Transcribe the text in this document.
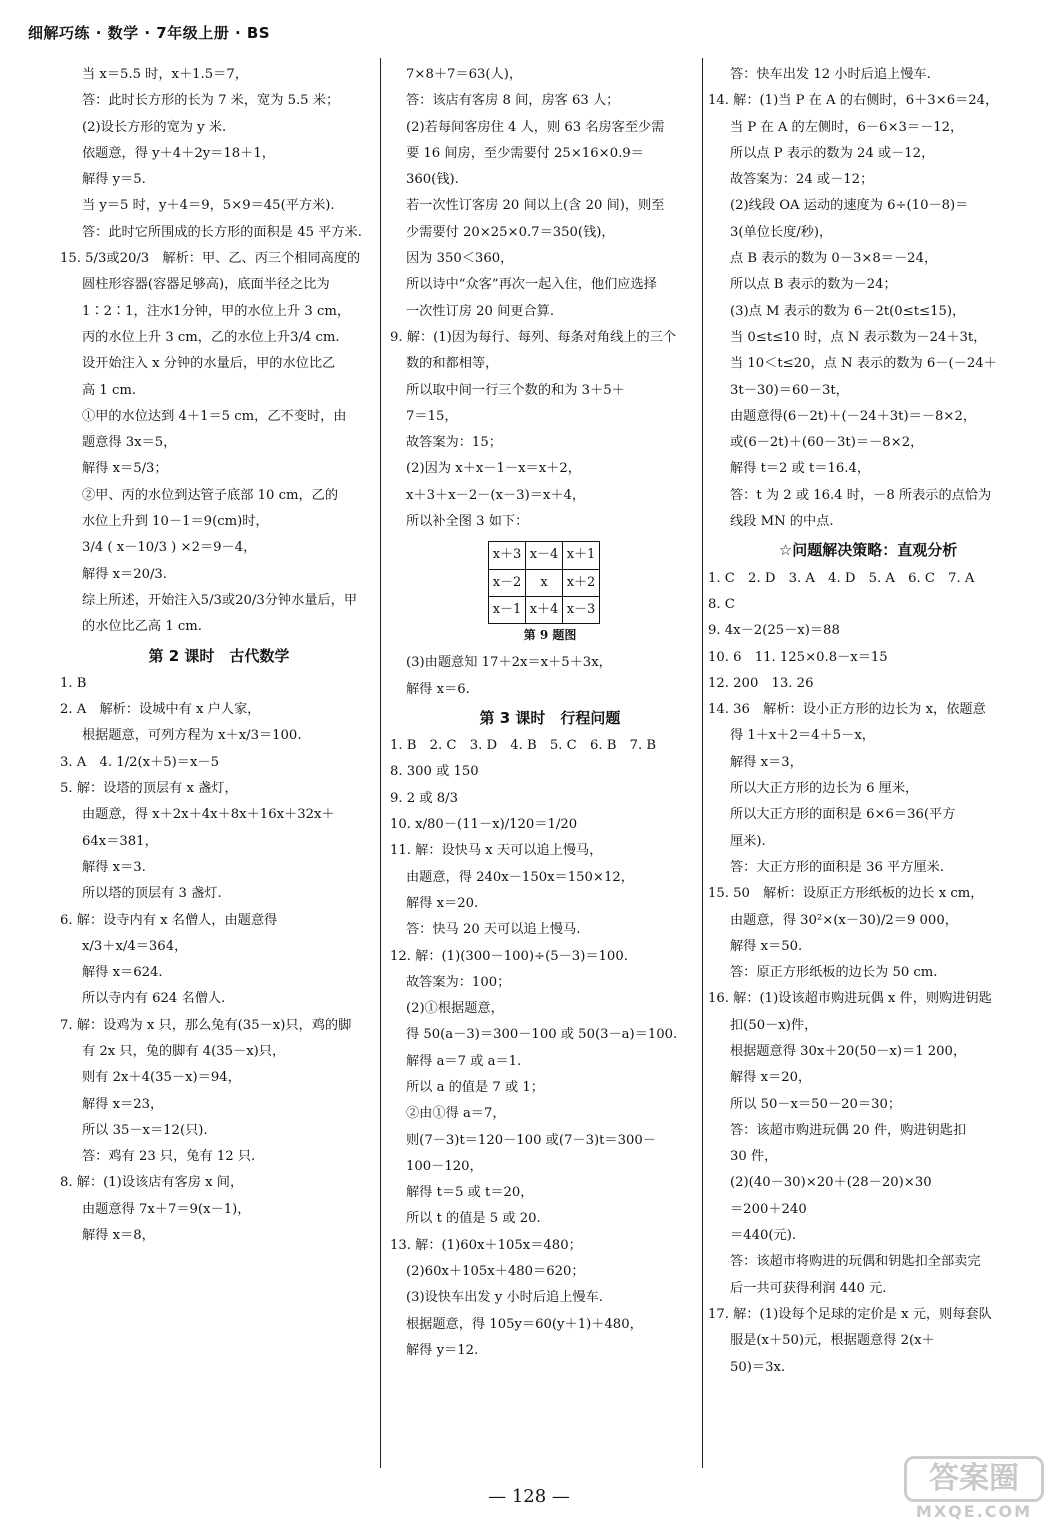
细解巧练 · 数学 · 7年级上册 · BS
当 x＝5.5 时，x＋1.5＝7，
答：此时长方形的长为 7 米，宽为 5.5 米；
(2)设长方形的宽为 y 米.
依题意，得 y＋4＋2y＝18＋1，
解得 y＝5.
当 y＝5 时，y＋4＝9，5×9＝45(平方米).
答：此时它所围成的长方形的面积是 45 平方米.
15. 5/3或20/3　解析：甲、乙、丙三个相同高度的
圆柱形容器(容器足够高)，底面半径之比为
1∶2∶1，注水1分钟，甲的水位上升 3 cm，
丙的水位上升 3 cm，乙的水位上升3/4 cm.
设开始注入 x 分钟的水量后，甲的水位比乙
高 1 cm.
①甲的水位达到 4＋1＝5 cm，乙不变时，由
题意得 3x＝5，
解得 x＝5/3；
②甲、丙的水位到达管子底部 10 cm，乙的
水位上升到 10－1＝9(cm)时，
3/4 ( x－10/3 ) ×2＝9－4，
解得 x＝20/3.
综上所述，开始注入5/3或20/3分钟水量后，甲
的水位比乙高 1 cm.
第 2 课时　古代数学
1. B
2. A　解析：设城中有 x 户人家，
根据题意，可列方程为 x＋x/3＝100.
3. A　4. 1/2(x＋5)＝x－5
5. 解：设塔的顶层有 x 盏灯，
由题意，得 x＋2x＋4x＋8x＋16x＋32x＋
64x＝381，
解得 x＝3.
所以塔的顶层有 3 盏灯.
6. 解：设寺内有 x 名僧人，由题意得
x/3＋x/4＝364，
解得 x＝624.
所以寺内有 624 名僧人.
7. 解：设鸡为 x 只，那么兔有(35－x)只，鸡的脚
有 2x 只，兔的脚有 4(35－x)只，
则有 2x＋4(35－x)＝94，
解得 x＝23，
所以 35－x＝12(只).
答：鸡有 23 只，兔有 12 只.
8. 解：(1)设该店有客房 x 间，
由题意得 7x＋7＝9(x－1)，
解得 x＝8，
7×8＋7＝63(人)，
答：该店有客房 8 间，房客 63 人；
(2)若每间客房住 4 人，则 63 名房客至少需
要 16 间房，至少需要付 25×16×0.9＝
360(钱).
若一次性订客房 20 间以上(含 20 间)，则至
少需要付 20×25×0.7＝350(钱)，
因为 350＜360，
所以诗中“众客”再次一起入住，他们应选择
一次性订房 20 间更合算.
9. 解：(1)因为每行、每列、每条对角线上的三个
数的和都相等，
所以取中间一行三个数的和为 3＋5＋
7＝15，
故答案为：15；
(2)因为 x＋x－1－x＝x＋2，
x＋3＋x－2－(x－3)＝x＋4，
所以补全图 3 如下：
x＋3	x－4	x＋1
x－2	x	x＋2
x－1	x＋4	x－3
第 9 题图
(3)由题意知 17＋2x＝x＋5＋3x，
解得 x＝6.
第 3 课时　行程问题
1. B　2. C　3. D　4. B　5. C　6. B　7. B
8. 300 或 150
9. 2 或 8/3
10. x/80－(11－x)/120＝1/20
11. 解：设快马 x 天可以追上慢马，
由题意，得 240x－150x＝150×12，
解得 x＝20.
答：快马 20 天可以追上慢马.
12. 解：(1)(300－100)÷(5－3)＝100.
故答案为：100；
(2)①根据题意，
得 50(a－3)＝300－100 或 50(3－a)＝100.
解得 a＝7 或 a＝1.
所以 a 的值是 7 或 1；
②由①得 a＝7，
则(7－3)t＝120－100 或(7－3)t＝300－
100－120，
解得 t＝5 或 t＝20，
所以 t 的值是 5 或 20.
13. 解：(1)60x＋105x＝480；
(2)60x＋105x＋480＝620；
(3)设快车出发 y 小时后追上慢车.
根据题意，得 105y＝60(y＋1)＋480，
解得 y＝12.
答：快车出发 12 小时后追上慢车.
14. 解：(1)当 P 在 A 的右侧时，6＋3×6＝24，
当 P 在 A 的左侧时，6－6×3＝－12，
所以点 P 表示的数为 24 或－12，
故答案为：24 或－12；
(2)线段 OA 运动的速度为 6÷(10－8)＝
3(单位长度/秒)，
点 B 表示的数为 0－3×8＝－24，
所以点 B 表示的数为－24；
(3)点 M 表示的数为 6－2t(0≤t≤15)，
当 0≤t≤10 时，点 N 表示数为－24＋3t，
当 10＜t≤20，点 N 表示的数为 6－(－24＋
3t－30)＝60－3t，
由题意得(6－2t)＋(－24＋3t)＝－8×2，
或(6－2t)＋(60－3t)＝－8×2，
解得 t＝2 或 t＝16.4，
答：t 为 2 或 16.4 时，－8 所表示的点恰为
线段 MN 的中点.
☆问题解决策略：直观分析
1. C　2. D　3. A　4. D　5. A　6. C　7. A
8. C
9. 4x－2(25－x)＝88
10. 6　11. 125×0.8－x＝15
12. 200　13. 26
14. 36　解析：设小正方形的边长为 x，依题意
得 1＋x＋2＝4＋5－x，
解得 x＝3，
所以大正方形的边长为 6 厘米，
所以大正方形的面积是 6×6＝36(平方
厘米).
答：大正方形的面积是 36 平方厘米.
15. 50　解析：设原正方形纸板的边长 x cm，
由题意，得 30²×(x－30)/2＝9 000，
解得 x＝50.
答：原正方形纸板的边长为 50 cm.
16. 解：(1)设该超市购进玩偶 x 件，则购进钥匙
扣(50－x)件，
根据题意得 30x＋20(50－x)＝1 200，
解得 x＝20，
所以 50－x＝50－20＝30；
答：该超市购进玩偶 20 件，购进钥匙扣
30 件，
(2)(40－30)×20＋(28－20)×30
＝200＋240
＝440(元).
答：该超市将购进的玩偶和钥匙扣全部卖完
后一共可获得利润 440 元.
17. 解：(1)设每个足球的定价是 x 元，则每套队
服是(x＋50)元，根据题意得 2(x＋
50)＝3x.
— 128 —
答案圈
MXQE.COM
